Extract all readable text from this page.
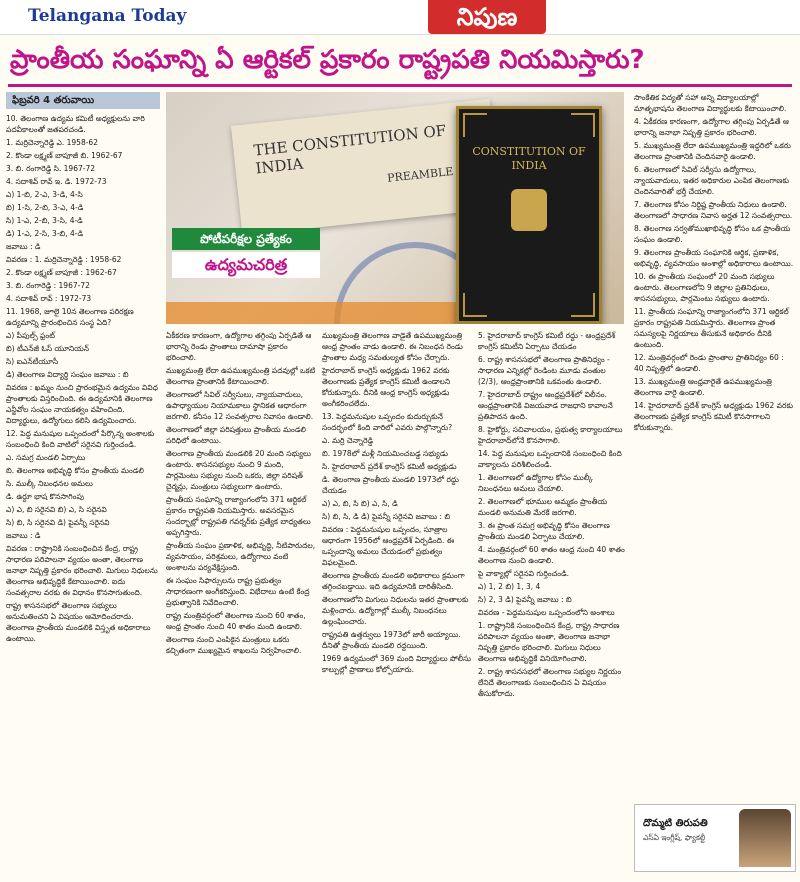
Telangana Today	నిపుణ
ప్రాంతీయ సంఘాన్ని ఏ ఆర్టికల్ ప్రకారం రాష్ట్రపతి నియమిస్తారు?
ఫిబ్రవరి 4 తరువాయి

10. తెలంగాణ ఉద్యమ కమిటీ అధ్యక్షులను వారి పదవీకాలంతో జతపరచండి.

1. మర్రిచెన్నారెడ్డి ఎ. 1958-62

2. కొండా లక్ష్మణ్ బాపూజీ బి. 1962-67

3. బి. రంగారెడ్డి సి. 1967-72

4. సదాశివ్ రావ్ ఇ. డి. 1972-73

ఎ) 1-బి, 2-ఎ, 3-డి, 4-సి

బి) 1-సి, 2-బి, 3-ఎ, 4-డి

సి) 1-ఎ, 2-బి, 3-సి, 4-డి

డి) 1-ఎ, 2-సి, 3-బి, 4-డి

జవాబు : డి

వివరణ : 1. మర్రిచెన్నారెడ్డి : 1958-62

2. కొండా లక్ష్మణ్ బాపూజీ : 1962-67

3. బి. రంగారెడ్డి : 1967-72

4. సదాశివ్ రావ్ : 1972-73

11. 1968, జూలై 10న తెలంగాణ పరిరక్షణ ఉద్యమాన్ని ప్రారంభించిన సంస్థ ఏది?

ఎ) పీపుల్స్ ఫ్రంట్

బి) టీఎన్‌జీ ఓస్ యూనియన్

సి) ఐఎన్‌టీయూసీ

డి) తెలంగాణ విద్యార్థి సంఘం జవాబు : బి

వివరణ : ఖమ్మం నుంచి ప్రారంభమైన ఉద్యమం వివిధ ప్రాంతాలకు విస్తరించింది. ఈ ఉద్యమానికి తెలంగాణ ఎన్జీవోల సంఘం నాయకత్వం వహించింది. విద్యార్థులు, ఉద్యోగులు కలిసి ఉద్యమించారు.

12. పెద్ద మనుషుల ఒప్పందంలో పేర్కొన్న అంశాలకు సంబంధించి కింది వాటిలో సరైనవి గుర్తించండి.

ఎ. సమగ్ర మండలి ఏర్పాటు

బి. తెలంగాణ అభివృద్ధి కోసం ప్రాంతీయ మండలి

సి. ముల్కీ నిబంధనల అమలు

డి. ఉర్దూ భాష కొనసాగింపు

ఎ) ఎ, బి సరైనవి బి) ఎ, సి సరైనవి

సి) బి, సి సరైనవి డి) పైవన్నీ సరైనవి

జవాబు : డి

వివరణ : రాష్ట్రానికి సంబంధించిన కేంద్ర, రాష్ట్ర సాధారణ పరిపాలనా వ్యయం అంతా, తెలంగాణ జనాభా నిష్పత్తి ప్రకారం భరించాలి. మిగులు నిధులను తెలంగాణ అభివృద్ధికే కేటాయించాలి. ఐదు సంవత్సరాల వరకు ఈ విధానం కొనసాగుతుంది.

రాష్ట్ర శాసనసభలో తెలంగాణ సభ్యులు అనుమతించని ఏ విషయం ఆమోదించరాదు. తెలంగాణ ప్రాంతీయ మండలికి విస్తృత అధికారాలు ఉంటాయి.

THE CONSTITUTION OF INDIA	PREAMBLE
CONSTITUTION OF INDIA
పోటీపరీక్షల ప్రత్యేకం
ఉద్యమచరిత్ర

ఏకీకరణ కారణంగా, ఉద్యోగాల తగ్గింపు ఏర్పడితే ఆ భారాన్ని రెండు ప్రాంతాలు దామాషా ప్రకారం భరించాలి.

ముఖ్యమంత్రి లేదా ఉపముఖ్యమంత్రి పదవుల్లో ఒకటి తెలంగాణ ప్రాంతానికి కేటాయించాలి.

తెలంగాణలో సివిల్ సర్వీసులు, న్యాయవాదులు, ఉపాధ్యాయుల నియామకాలు స్థానికత ఆధారంగా జరగాలి. కనీసం 12 సంవత్సరాల నివాసం ఉండాలి.

తెలంగాణలో జిల్లా పరిషత్తులు ప్రాంతీయ మండలి పరిధిలో ఉంటాయి.

తెలంగాణ ప్రాంతీయ మండలికి 20 మంది సభ్యులు ఉంటారు. శాసనసభ్యుల నుంచి 9 మంది, పార్లమెంటు సభ్యుల నుంచి ఒకరు, జిల్లా పరిషత్ చైర్మన్లు, మంత్రులు సభ్యులుగా ఉంటారు.

ప్రాంతీయ సంఘాన్ని రాజ్యాంగంలోని 371 ఆర్టికల్ ప్రకారం రాష్ట్రపతి నియమిస్తారు. అవసరమైన సందర్భాల్లో రాష్ట్రపతి గవర్నర్‌కు ప్రత్యేక బాధ్యతలు అప్పగిస్తారు.

ప్రాంతీయ సంఘం ప్రణాళిక, అభివృద్ధి, నీటిపారుదల, వ్యవసాయం, పరిశ్రమలు, ఉద్యోగాలు వంటి అంశాలను పర్యవేక్షిస్తుంది.

ఈ సంఘం సిఫార్సులను రాష్ట్ర ప్రభుత్వం సాధారణంగా అంగీకరిస్తుంది. విభేదాలు ఉంటే కేంద్ర ప్రభుత్వానికి నివేదించాలి.

రాష్ట్ర మంత్రివర్గంలో తెలంగాణ నుంచి 60 శాతం, ఆంధ్ర ప్రాంతం నుంచి 40 శాతం మంది ఉండాలి.

తెలంగాణ నుంచి ఎంపికైన మంత్రులు ఒకరు కచ్చితంగా ముఖ్యమైన శాఖలను నిర్వహించాలి.

ముఖ్యమంత్రి తెలంగాణ వాడైతే ఉపముఖ్యమంత్రి ఆంధ్ర ప్రాంతం వాడు ఉండాలి. ఈ నిబంధన రెండు ప్రాంతాల మధ్య సమతుల్యత కోసం చేర్చారు.

హైదరాబాద్ కాంగ్రెస్ అధ్యక్షుడు 1962 వరకు తెలంగాణకు ప్రత్యేక కాంగ్రెస్ కమిటీ ఉండాలని కోరుకున్నారు. దీనికి ఆంధ్ర కాంగ్రెస్ అధ్యక్షుడు అంగీకరించలేదు.

13. పెద్దమనుషుల ఒప్పందం కుదుర్చుకునే సందర్భంలో కింది వారిలో ఎవరు పాల్గొన్నారు?

ఎ. మర్రి చెన్నారెడ్డి

బి. 1978లో మళ్లీ నియమించబడ్డ సభ్యుడు

సి. హైదరాబాద్ ప్రదేశ్ కాంగ్రెస్ కమిటీ అధ్యక్షుడు

డి. తెలంగాణ ప్రాంతీయ మండలి 1973లో రద్దు చేయడం

ఎ) ఎ, బి, సి బి) ఎ, సి, డి

సి) బి, సి, డి డి) పైవన్నీ సరైనవి జవాబు : బి

వివరణ : పెద్దమనుషుల ఒప్పందం, సూత్రాల ఆధారంగా 1956లో ఆంధ్రప్రదేశ్ ఏర్పడింది. ఈ ఒప్పందాన్ని అమలు చేయడంలో ప్రభుత్వం విఫలమైంది.

తెలంగాణ ప్రాంతీయ మండలి అధికారాలు క్రమంగా తగ్గించబడ్డాయి. ఇది ఉద్యమానికి దారితీసింది.

తెలంగాణలోని మిగులు నిధులను ఇతర ప్రాంతాలకు మళ్లించారు. ఉద్యోగాల్లో ముల్కీ నిబంధనలు ఉల్లంఘించారు.

రాష్ట్రపతి ఉత్తర్వులు 1973లో జారీ అయ్యాయి. దీనితో ప్రాంతీయ మండలి రద్దయింది.

1969 ఉద్యమంలో 369 మంది విద్యార్థులు పోలీసు కాల్పుల్లో ప్రాణాలు కోల్పోయారు.

5. హైదరాబాద్ కాంగ్రెస్ కమిటీ రద్దు - ఆంధ్రప్రదేశ్ కాంగ్రెస్ కమిటీని ఏర్పాటు చేయడం

6. రాష్ట్ర శాసనసభలో తెలంగాణ ప్రాతినిధ్యం - సాధారణ ఎన్నికల్లో రెండింట మూడు వంతుల (2/3), ఆంధ్రప్రాంతానికి ఒకవంతు ఉండాలి.

7. హైదరాబాద్ రాష్ట్రం ఆంధ్రప్రదేశ్‌లో విలీనం. ఆంధ్రప్రాంతానికి విజయవాడ రాజధాని కావాలనే ప్రతిపాదన ఉంది.

8. హైకోర్టు, సచివాలయం, ప్రభుత్వ కార్యాలయాలు హైదరాబాద్‌లోనే కొనసాగాలి.

14. పెద్ద మనుషుల ఒప్పందానికి సంబంధించి కింది వాక్యాలను పరిశీలించండి.

1. తెలంగాణలో ఉద్యోగాల కోసం ముల్కీ నిబంధనలు అమలు చేయాలి.

2. తెలంగాణలో భూముల అమ్మకం ప్రాంతీయ మండలి అనుమతి మేరకే జరగాలి.

3. ఈ ప్రాంత సమగ్ర అభివృద్ధి కోసం తెలంగాణ ప్రాంతీయ మండలి ఏర్పాటు చేయాలి.

4. మంత్రివర్గంలో 60 శాతం ఆంధ్ర నుంచి 40 శాతం తెలంగాణ నుంచి ఉండాలి.

పై వాక్యాల్లో సరైనవి గుర్తించండి.

ఎ) 1, 2 బి) 1, 3, 4

సి) 2, 3 డి) పైవన్నీ జవాబు : బి

వివరణ - పెద్దమనుషుల ఒప్పందంలోని అంశాలు

1. రాష్ట్రానికి సంబంధించిన కేంద్ర, రాష్ట్ర సాధారణ పరిపాలనా వ్యయం అంతా, తెలంగాణ జనాభా నిష్పత్తి ప్రకారం భరించాలి. మిగులు నిధులు తెలంగాణ అభివృద్ధికే వినియోగించాలి.

2. రాష్ట్ర శాసనసభలో తెలంగాణ సభ్యుల నిర్ణయం లేనిదే తెలంగాణకు సంబంధించిన ఏ విషయం తీసుకోరాదు.

సాంకేతిక విద్యతో సహా అన్ని విద్యాలయాల్లో మాతృభాషను తెలంగాణ విద్యార్థులకు కేటాయించాలి.

4. ఏకీకరణ కారణంగా, ఉద్యోగాల తగ్గింపు ఏర్పడితే ఆ భారాన్ని జనాభా నిష్పత్తి ప్రకారం భరించాలి.

5. ముఖ్యమంత్రి లేదా ఉపముఖ్యమంత్రి ఇద్దరిలో ఒకరు తెలంగాణ ప్రాంతానికి చెందినవారై ఉండాలి.

6. తెలంగాణలో సివిల్ సర్వీసు ఉద్యోగాలు, న్యాయవాదులు, ఇతర అధికారుల ఎంపిక తెలంగాణకు చెందినవారితో భర్తీ చేయాలి.

7. తెలంగాణ కోసం నిర్దిష్ట ప్రాంతీయ నిధులు ఉండాలి. తెలంగాణలో సాధారణ నివాస అర్హత 12 సంవత్సరాలు.

8. తెలంగాణ సర్వతోముఖాభివృద్ధి కోసం ఒక ప్రాంతీయ సంఘం ఉండాలి.

9. తెలంగాణ ప్రాంతీయ సంఘానికి ఆర్థిక, ప్రణాళిక, అభివృద్ధి, వ్యవసాయం అంశాల్లో అధికారాలు ఉంటాయి.

10. ఈ ప్రాంతీయ సంఘంలో 20 మంది సభ్యులు ఉంటారు. తెలంగాణలోని 9 జిల్లాల ప్రతినిధులు, శాసనసభ్యులు, పార్లమెంటు సభ్యులు ఉంటారు.

11. ప్రాంతీయ సంఘాన్ని రాజ్యాంగంలోని 371 ఆర్టికల్ ప్రకారం రాష్ట్రపతి నియమిస్తారు. తెలంగాణ ప్రాంత సమస్యలపై నిర్ణయాలు తీసుకునే అధికారం దీనికి ఉంటుంది.

12. మంత్రివర్గంలో రెండు ప్రాంతాల ప్రాతినిధ్యం 60 : 40 నిష్పత్తిలో ఉండాలి.

13. ముఖ్యమంత్రి ఆంధ్రవారైతే ఉపముఖ్యమంత్రి తెలంగాణ వారై ఉండాలి.

14. హైదరాబాద్ ప్రదేశ్ కాంగ్రెస్ అధ్యక్షుడు 1962 వరకు తెలంగాణకు ప్రత్యేక కాంగ్రెస్ కమిటీ కొనసాగాలని కోరుకున్నారు.

దొమ్మటి తిరుపతి
ఎస్‌ఏ ఇంగ్లీష్, ఫ్యాకల్టీ
